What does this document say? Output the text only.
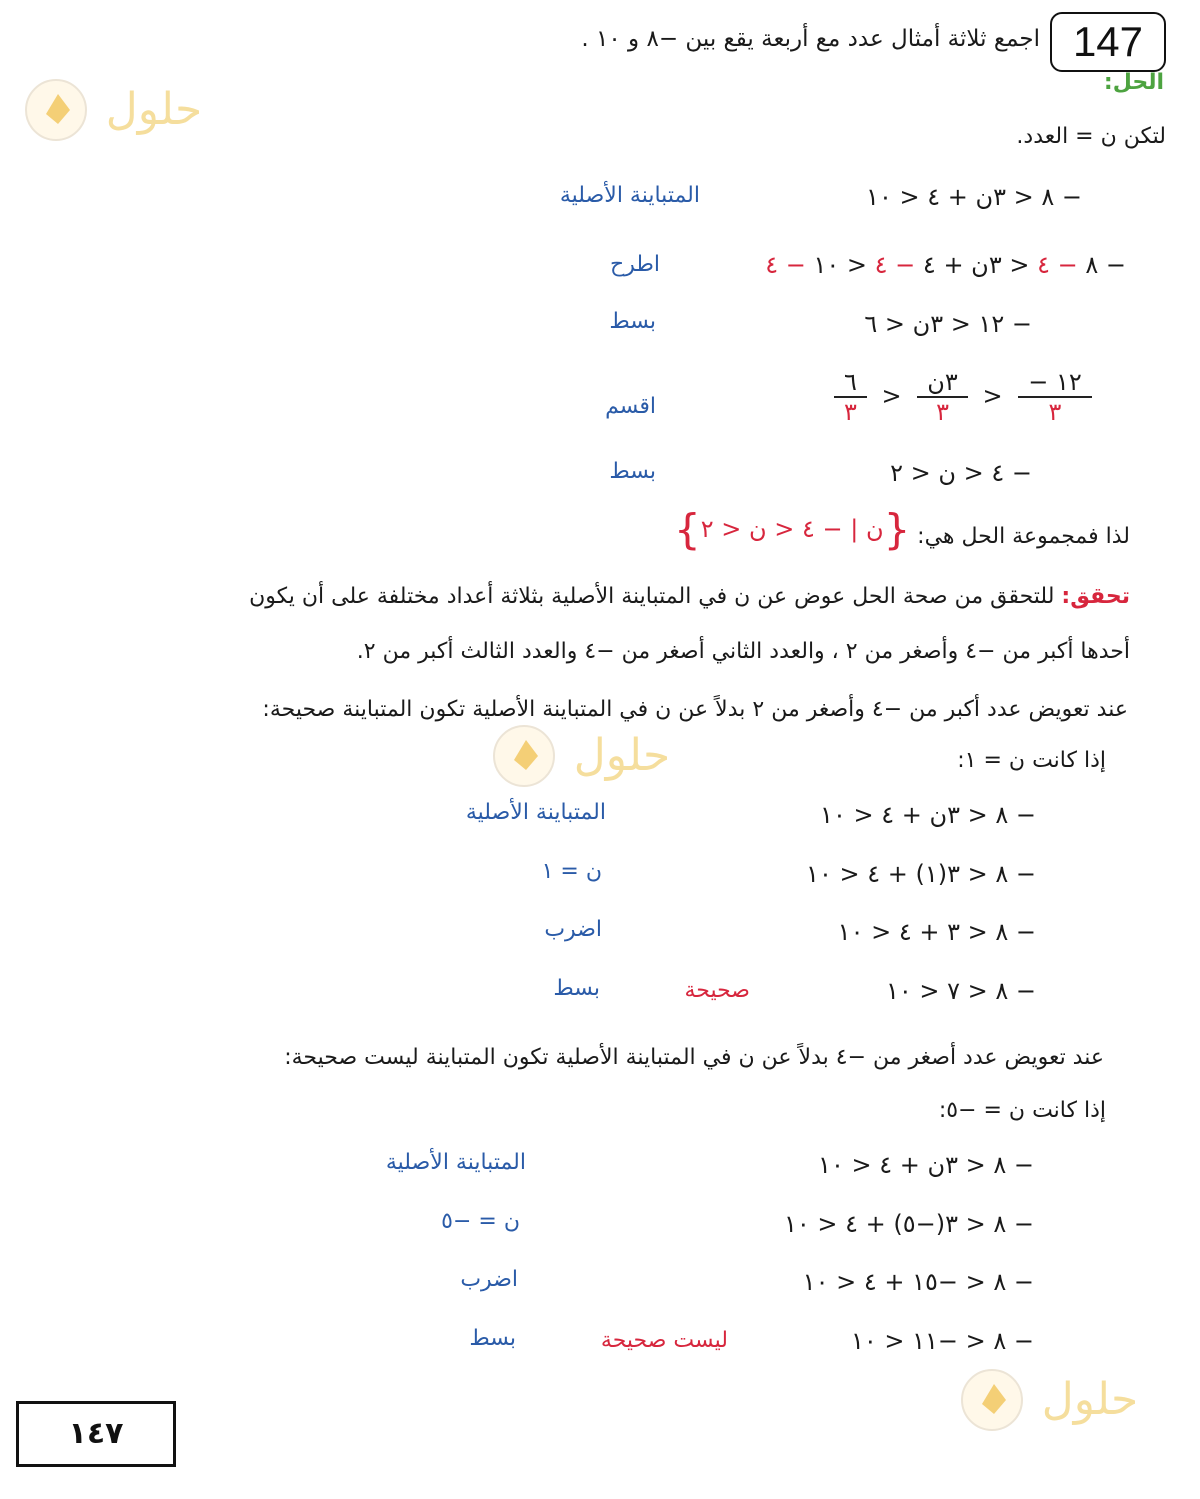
147
اجمع ثلاثة أمثال عدد مع أربعة يقع بين −٨ و ١٠ .
الحل:
لتكن ن = العدد.
− ٨ < ٣ن + ٤ < ١٠
المتباينة الأصلية
− ٨ − ٤ < ٣ن + ٤ − ٤ < ١٠ − ٤
اطرح
− ١٢ < ٣ن < ٦
بسط
$\frac{٦}{٣} > \frac{\text{٣ن}}{٣} > \frac{- ١٢}{٣}$
اقسم
− ٤ < ن < ٢
بسط
لذا فمجموعة الحل هي:
{ن | − ٤ < ن < ٢}
تحقق: للتحقق من صحة الحل عوض عن ن في المتباينة الأصلية بثلاثة أعداد مختلفة على أن يكون
أحدها أكبر من −٤ وأصغر من ٢ ، والعدد الثاني أصغر من −٤ والعدد الثالث أكبر من ٢.
عند تعويض عدد أكبر من −٤ وأصغر من ٢ بدلاً عن ن في المتباينة الأصلية تكون المتباينة صحيحة:
إذا كانت ن = ١:
− ٨ < ٣ن + ٤ < ١٠
المتباينة الأصلية
− ٨ < ٣(١) + ٤ < ١٠
ن = ١
− ٨ < ٣ + ٤ < ١٠
اضرب
− ٨ < ٧ < ١٠
صحيحة
بسط
عند تعويض عدد أصغر من −٤ بدلاً عن ن في المتباينة الأصلية تكون المتباينة ليست صحيحة:
إذا كانت ن = −٥:
− ٨ < ٣ن + ٤ < ١٠
المتباينة الأصلية
− ٨ < ٣(−٥) + ٤ < ١٠
ن = −٥
− ٨ < −١٥ + ٤ < ١٠
اضرب
− ٨ < −١١ < ١٠
ليست صحيحة
بسط
حلول
حلول
حلول
١٤٧
